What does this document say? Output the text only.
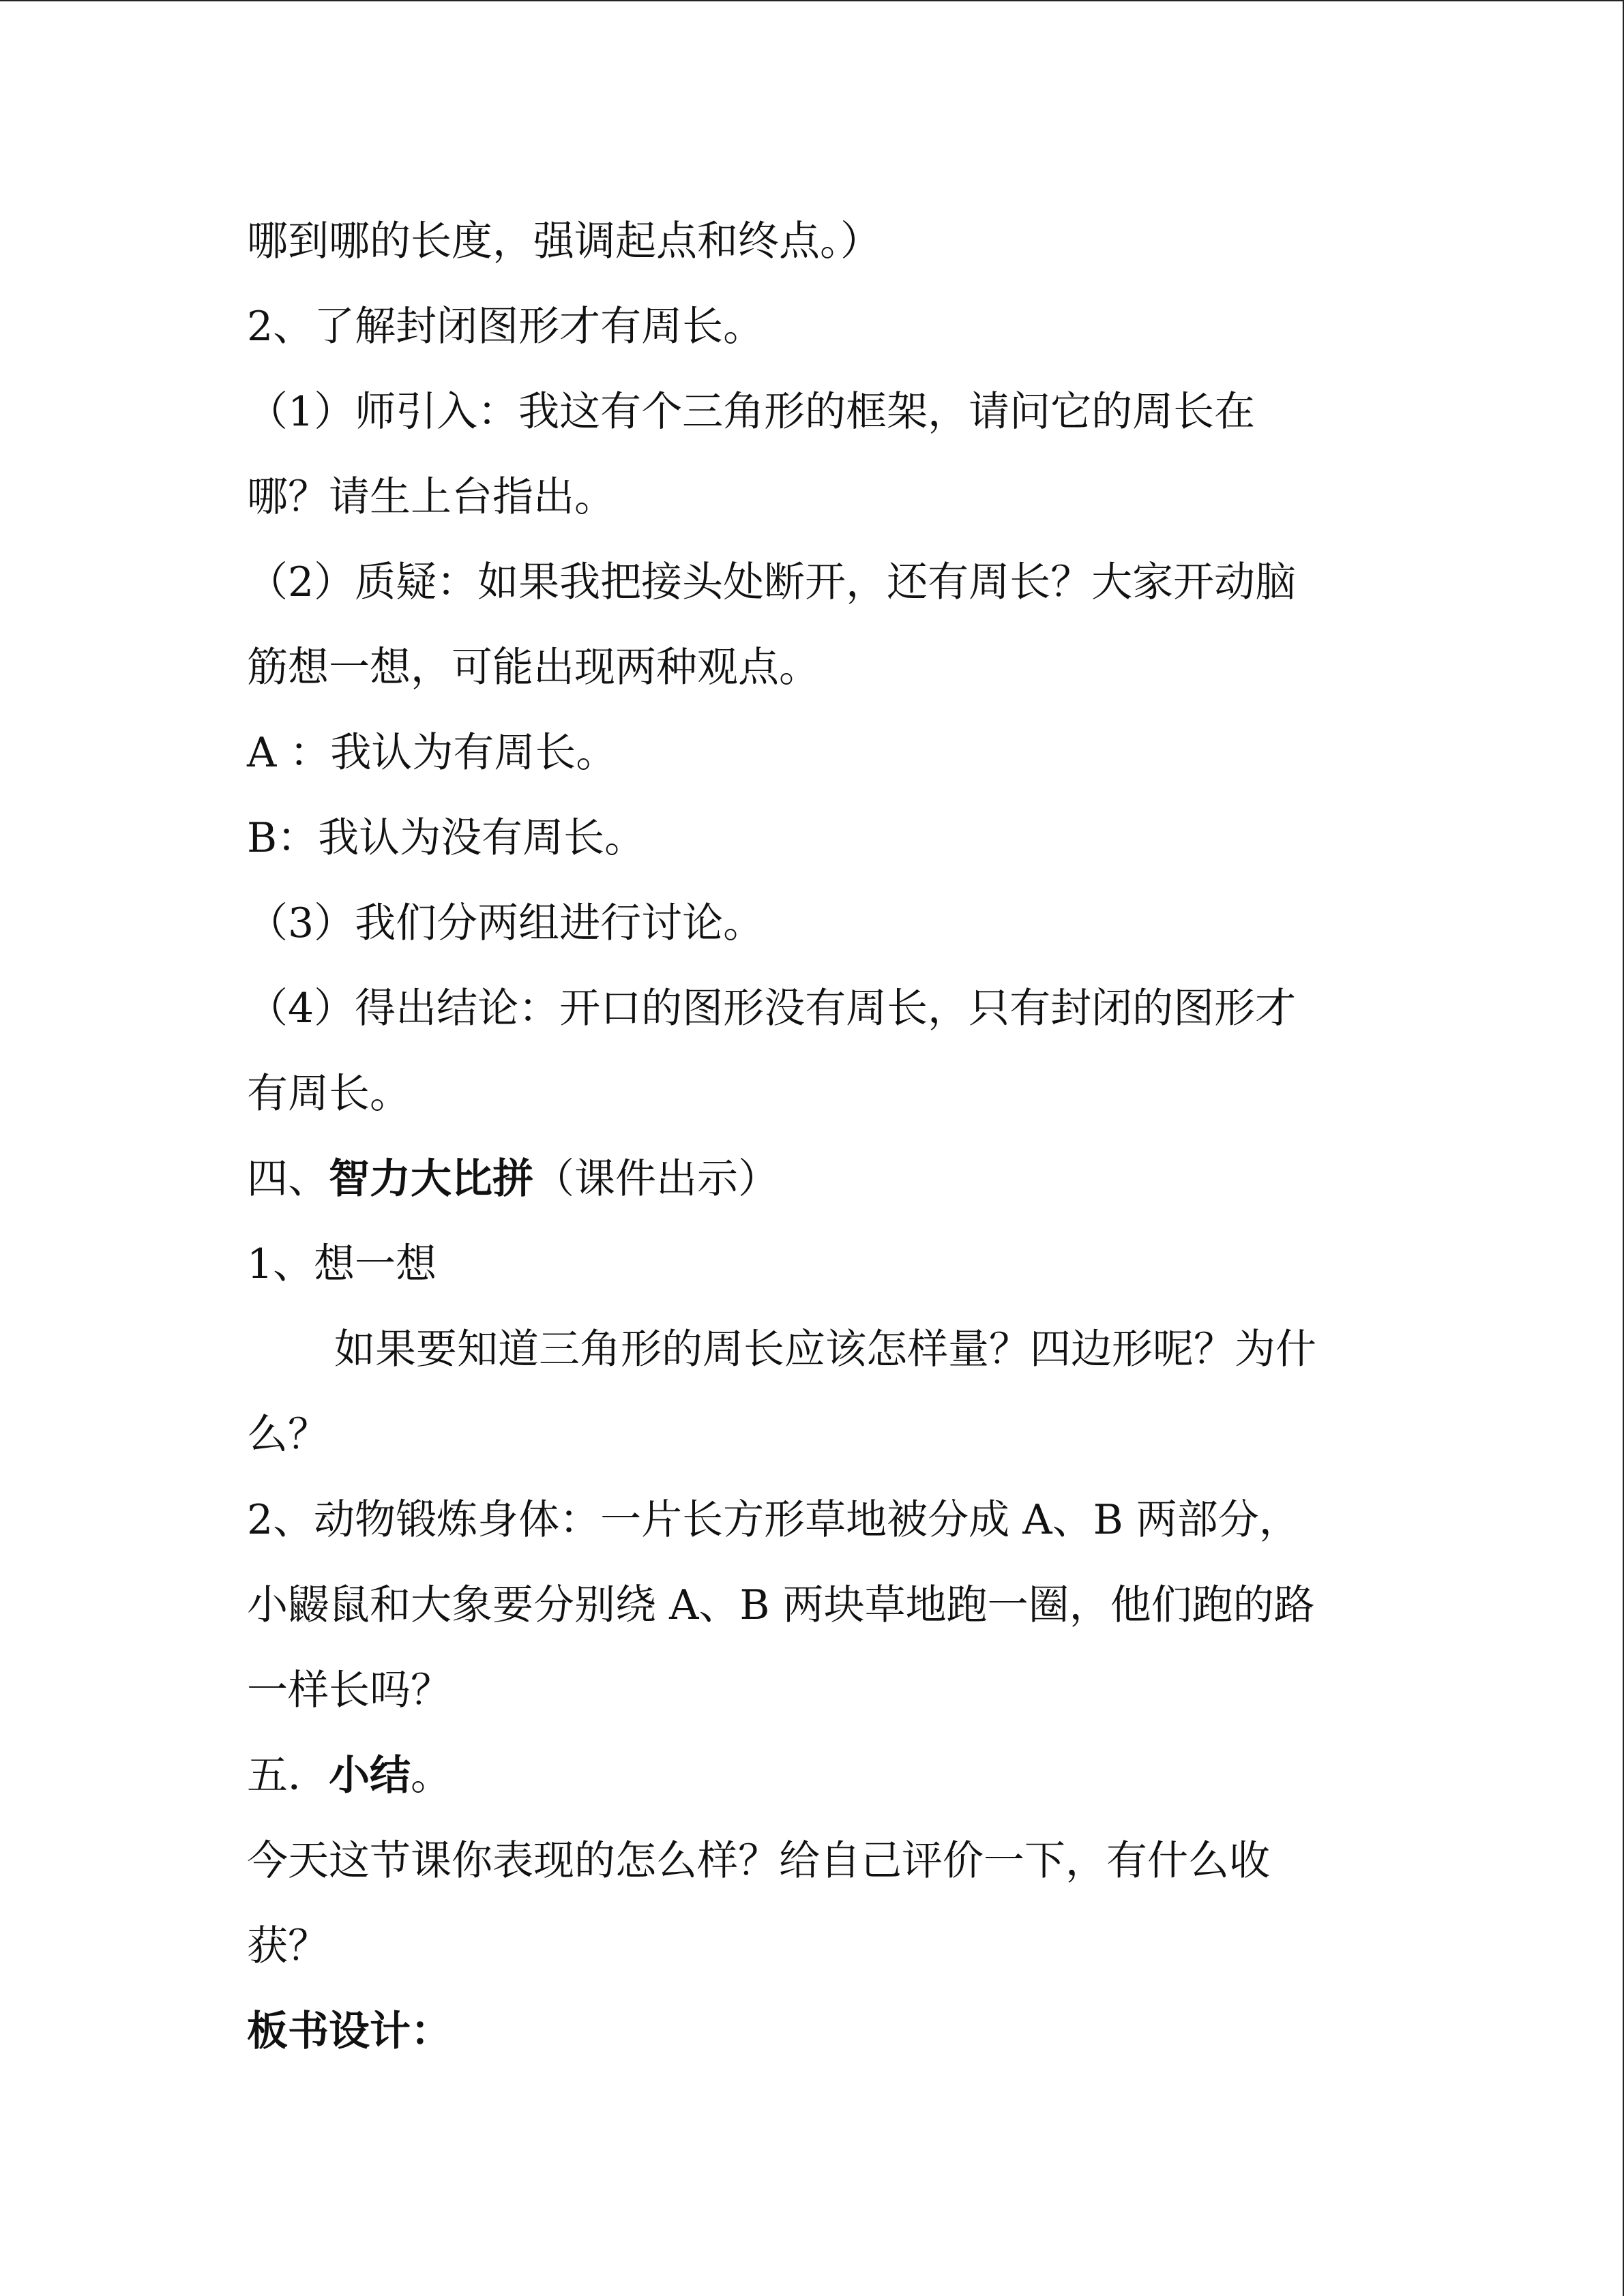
哪到哪的长度，强调起点和终点。）

2、了解封闭图形才有周长。

（1）师引入：我这有个三角形的框架，请问它的周长在

哪？请生上台指出。

（2）质疑：如果我把接头处断开，还有周长？大家开动脑

筋想一想，可能出现两种观点。

A ：我认为有周长。

B：我认为没有周长。

（3）我们分两组进行讨论。

（4）得出结论：开口的图形没有周长，只有封闭的图形才

有周长。

四、智力大比拼（课件出示）

1、想一想

如果要知道三角形的周长应该怎样量？四边形呢？为什

么？

2、动物锻炼身体：一片长方形草地被分成 A、B 两部分，

小鼹鼠和大象要分别绕 A、B 两块草地跑一圈，他们跑的路

一样长吗？

五．小结。

今天这节课你表现的怎么样？给自己评价一下，有什么收

获？

板书设计：
